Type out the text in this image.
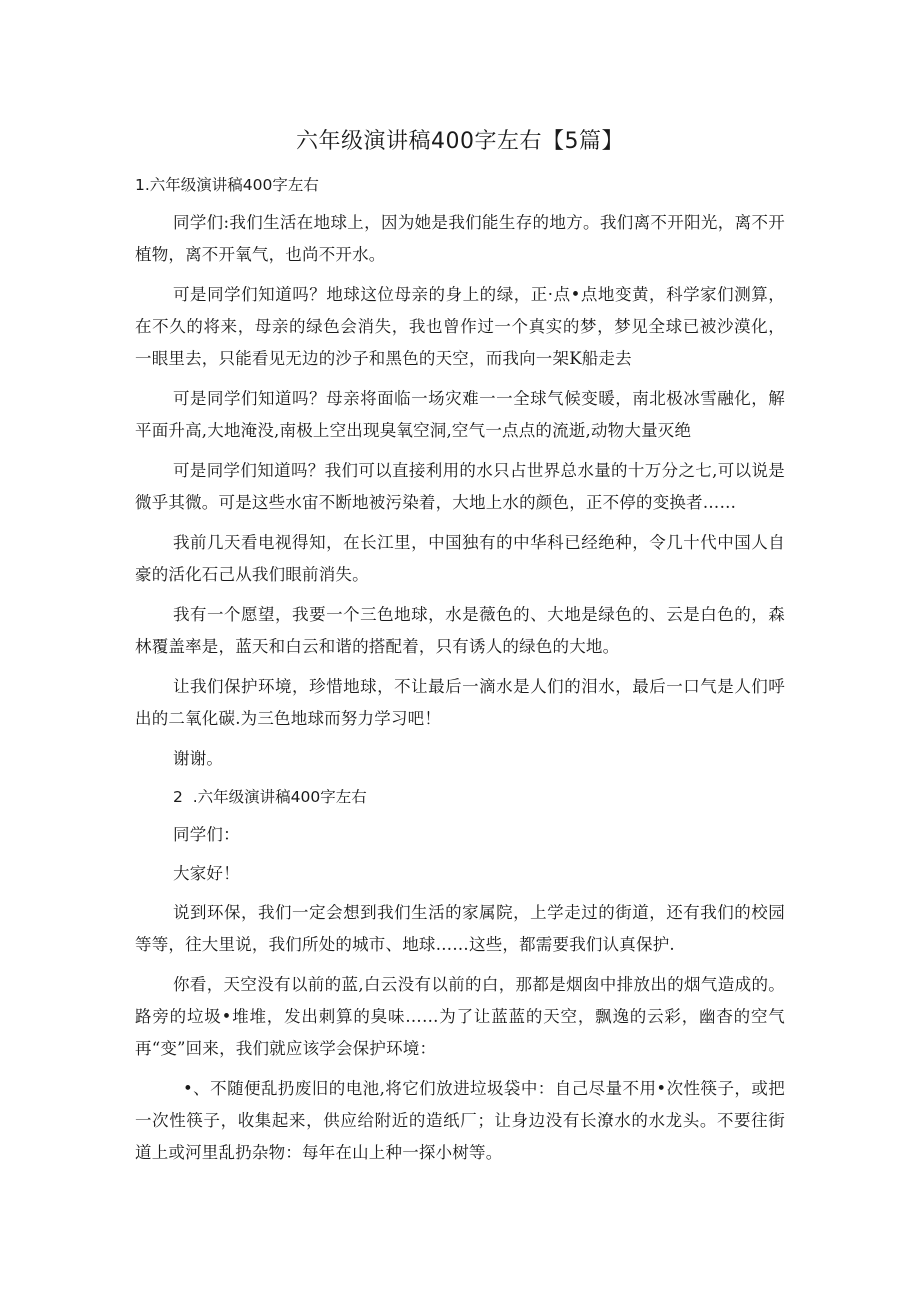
六年级演讲稿400字左右【5篇】
1.六年级演讲稿400字左右

同学们:我们生活在地球上，因为她是我们能生存的地方。我们离不开阳光，离不开植物，离不开氧气，也尚不开水。

可是同学们知道吗？地球这位母亲的身上的绿，正·点•点地变黄，科学家们测算，在不久的将来，母亲的绿色会消失，我也曾作过一个真实的梦，梦见全球已被沙漠化，一眼里去，只能看见无边的沙子和黑色的天空，而我向一架K船走去

可是同学们知道吗？母亲将面临一场灾难一一全球气候变暖，南北极冰雪融化，解平面升高,大地淹没,南极上空出现臭氧空洞,空气一点点的流逝,动物大量灭绝

可是同学们知道吗？我们可以直接利用的水只占世界总水量的十万分之七,可以说是微乎其微。可是这些水宙不断地被污染着，大地上水的颜色，正不停的变换者……

我前几天看电视得知，在长江里，中国独有的中华科已经绝种，令几十代中国人自豪的活化石己从我们眼前消失。

我有一个愿望，我要一个三色地球，水是薇色的、大地是绿色的、云是白色的，森林覆盖率是，蓝天和白云和谐的搭配着，只有诱人的绿色的大地。

让我们保护环境，珍惜地球，不让最后一滴水是人们的泪水，最后一口气是人们呼出的二氧化碳.为三色地球而努力学习吧！

谢谢。

2  .六年级演讲稿400字左右

同学们：

大家好！

说到环保，我们一定会想到我们生活的家属院，上学走过的街道，还有我们的校园等等，往大里说，我们所处的城市、地球……这些，都需要我们认真保护.

你看，天空没有以前的蓝,白云没有以前的白，那都是烟囱中排放出的烟气造成的。路旁的垃圾•堆堆，发出刺算的臭味……为了让蓝蓝的天空，飘逸的云彩，幽杳的空气再“变”回来，我们就应该学会保护环境：

•、不随便乱扔废旧的电池,将它们放进垃圾袋中：自己尽量不用•次性筷子，或把一次性筷子，收集起来，供应给附近的造纸厂；让身边没有长潦水的水龙头。不要往街道上或河里乱扔杂物：每年在山上种一探小树等。
